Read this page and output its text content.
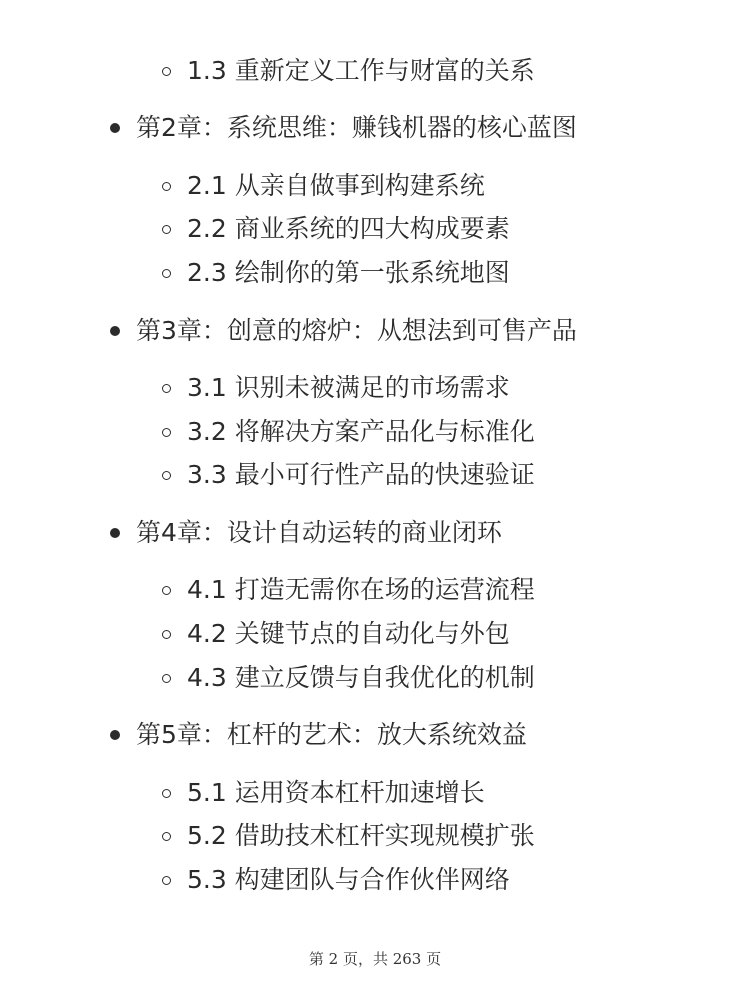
1.3 重新定义工作与财富的关系
第2章：系统思维：赚钱机器的核心蓝图
2.1 从亲自做事到构建系统
2.2 商业系统的四大构成要素
2.3 绘制你的第一张系统地图
第3章：创意的熔炉：从想法到可售产品
3.1 识别未被满足的市场需求
3.2 将解决方案产品化与标准化
3.3 最小可行性产品的快速验证
第4章：设计自动运转的商业闭环
4.1 打造无需你在场的运营流程
4.2 关键节点的自动化与外包
4.3 建立反馈与自我优化的机制
第5章：杠杆的艺术：放大系统效益
5.1 运用资本杠杆加速增长
5.2 借助技术杠杆实现规模扩张
5.3 构建团队与合作伙伴网络
第 2 页，共 263 页
